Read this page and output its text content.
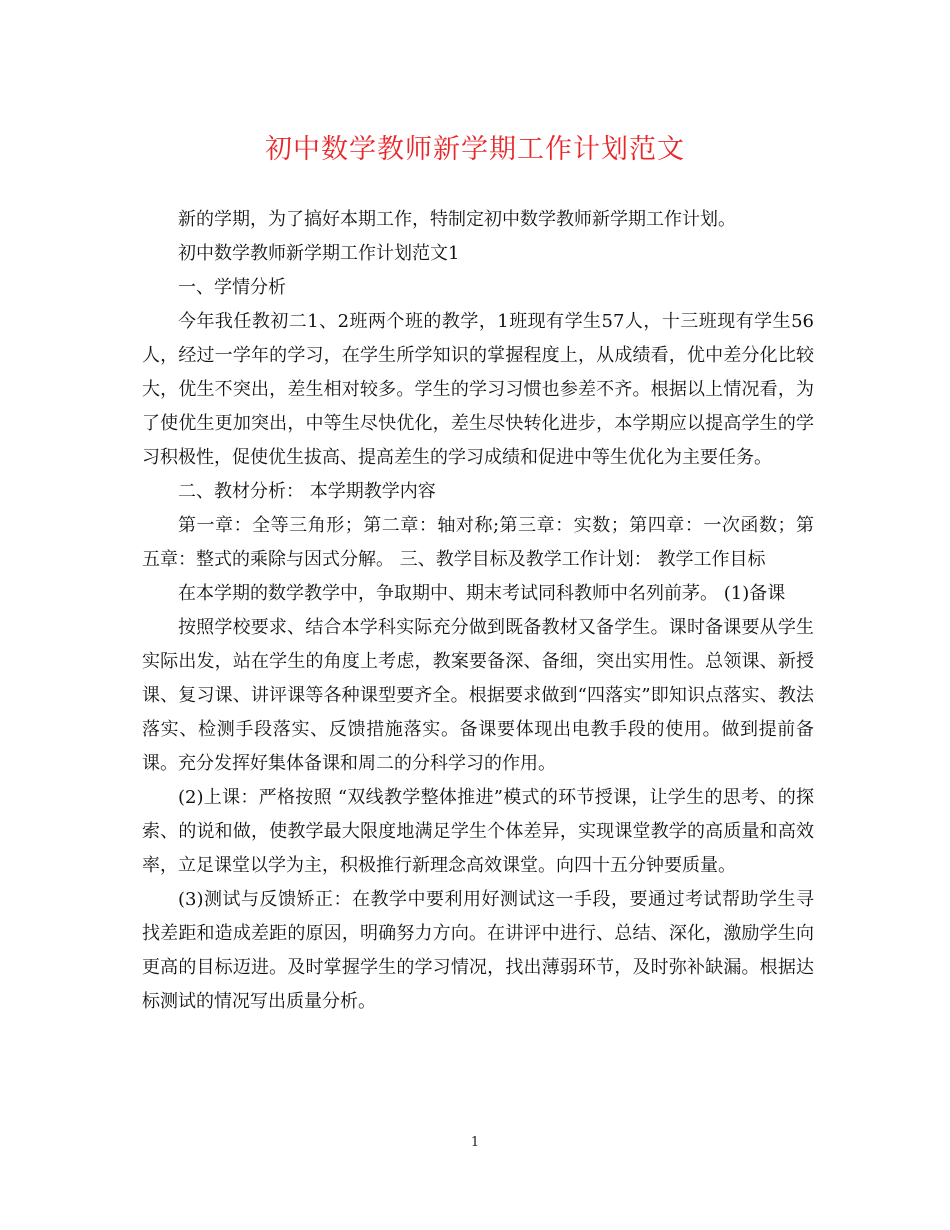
初中数学教师新学期工作计划范文

新的学期，为了搞好本期工作，特制定初中数学教师新学期工作计划。

初中数学教师新学期工作计划范文1

一、学情分析

今年我任教初二1、2班两个班的教学，1班现有学生57人，十三班现有学生56人，经过一学年的学习，在学生所学知识的掌握程度上，从成绩看，优中差分化比较大，优生不突出，差生相对较多。学生的学习习惯也参差不齐。根据以上情况看，为了使优生更加突出，中等生尽快优化，差生尽快转化进步，本学期应以提高学生的学习积极性，促使优生拔高、提高差生的学习成绩和促进中等生优化为主要任务。

二、教材分析： 本学期教学内容

第一章：全等三角形；第二章：轴对称;第三章：实数；第四章：一次函数；第五章：整式的乘除与因式分解。 三、教学目标及教学工作计划： 教学工作目标

在本学期的数学教学中，争取期中、期末考试同科教师中名列前茅。 (1)备课

按照学校要求、结合本学科实际充分做到既备教材又备学生。课时备课要从学生实际出发，站在学生的角度上考虑，教案要备深、备细，突出实用性。总领课、新授课、复习课、讲评课等各种课型要齐全。根据要求做到“四落实”即知识点落实、教法落实、检测手段落实、反馈措施落实。备课要体现出电教手段的使用。做到提前备课。充分发挥好集体备课和周二的分科学习的作用。

(2)上课：严格按照 “双线教学整体推进”模式的环节授课，让学生的思考、的探索、的说和做，使教学最大限度地满足学生个体差异，实现课堂教学的高质量和高效率，立足课堂以学为主，积极推行新理念高效课堂。向四十五分钟要质量。

(3)测试与反馈矫正：在教学中要利用好测试这一手段，要通过考试帮助学生寻找差距和造成差距的原因，明确努力方向。在讲评中进行、总结、深化，激励学生向更高的目标迈进。及时掌握学生的学习情况，找出薄弱环节，及时弥补缺漏。根据达标测试的情况写出质量分析。

1
